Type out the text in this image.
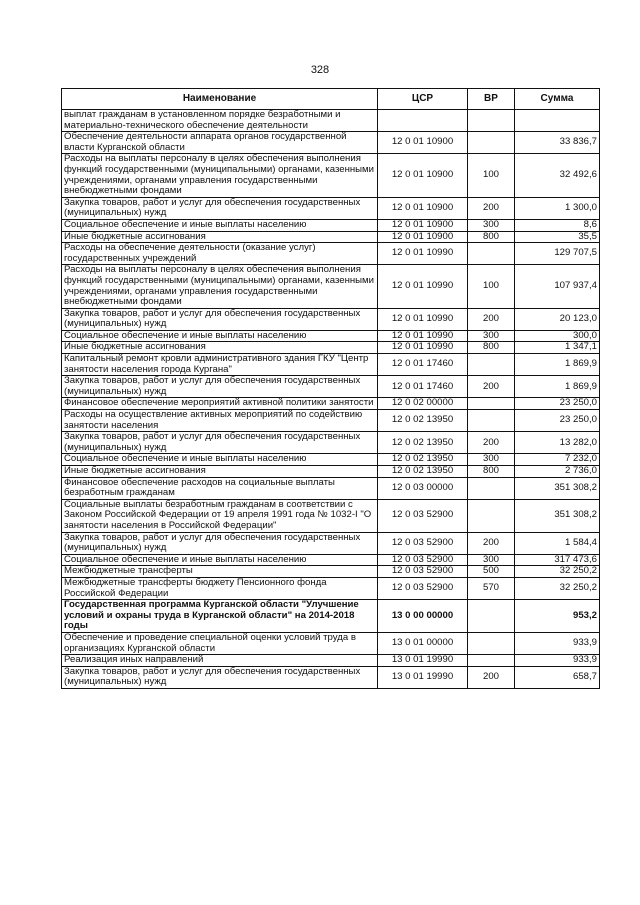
328
Наименование	ЦСР	ВР	Сумма
выплат гражданам в установленном порядке безработными и материально-технического обеспечение деятельности			
Обеспечение деятельности аппарата органов государственной власти Курганской области	12 0 01 10900		33 836,7
Расходы на выплаты персоналу в целях обеспечения выполнения функций государственными (муниципальными) органами, казенными учреждениями, органами управления государственными внебюджетными фондами	12 0 01 10900	100	32 492,6
Закупка товаров, работ и услуг для обеспечения государственных (муниципальных) нужд	12 0 01 10900	200	1 300,0
Социальное обеспечение и иные выплаты населению	12 0 01 10900	300	8,6
Иные бюджетные ассигнования	12 0 01 10900	800	35,5
Расходы на обеспечение деятельности (оказание услуг) государственных учреждений	12 0 01 10990		129 707,5
Расходы на выплаты персоналу в целях обеспечения выполнения функций государственными (муниципальными) органами, казенными учреждениями, органами управления государственными внебюджетными фондами	12 0 01 10990	100	107 937,4
Закупка товаров, работ и услуг для обеспечения государственных (муниципальных) нужд	12 0 01 10990	200	20 123,0
Социальное обеспечение и иные выплаты населению	12 0 01 10990	300	300,0
Иные бюджетные ассигнования	12 0 01 10990	800	1 347,1
Капитальный ремонт кровли административного здания ГКУ "Центр занятости населения города Кургана"	12 0 01 17460		1 869,9
Закупка товаров, работ и услуг для обеспечения государственных (муниципальных) нужд	12 0 01 17460	200	1 869,9
Финансовое обеспечение мероприятий активной политики занятости	12 0 02 00000		23 250,0
Расходы на осуществление активных мероприятий по содействию занятости населения	12 0 02 13950		23 250,0
Закупка товаров, работ и услуг для обеспечения государственных (муниципальных) нужд	12 0 02 13950	200	13 282,0
Социальное обеспечение и иные выплаты населению	12 0 02 13950	300	7 232,0
Иные бюджетные ассигнования	12 0 02 13950	800	2 736,0
Финансовое обеспечение расходов на социальные выплаты безработным гражданам	12 0 03 00000		351 308,2
Социальные выплаты безработным гражданам в соответствии с Законом Российской Федерации от 19 апреля 1991 года № 1032-I "О занятости населения в Российской Федерации"	12 0 03 52900		351 308,2
Закупка товаров, работ и услуг для обеспечения государственных (муниципальных) нужд	12 0 03 52900	200	1 584,4
Социальное обеспечение и иные выплаты населению	12 0 03 52900	300	317 473,6
Межбюджетные трансферты	12 0 03 52900	500	32 250,2
Межбюджетные трансферты бюджету Пенсионного фонда Российской Федерации	12 0 03 52900	570	32 250,2
Государственная программа Курганской области "Улучшение условий и охраны труда в Курганской области" на 2014-2018 годы	13 0 00 00000		953,2
Обеспечение и проведение специальной оценки условий труда в организациях Курганской области	13 0 01 00000		933,9
Реализация иных направлений	13 0 01 19990		933,9
Закупка товаров, работ и услуг для обеспечения государственных (муниципальных) нужд	13 0 01 19990	200	658,7
